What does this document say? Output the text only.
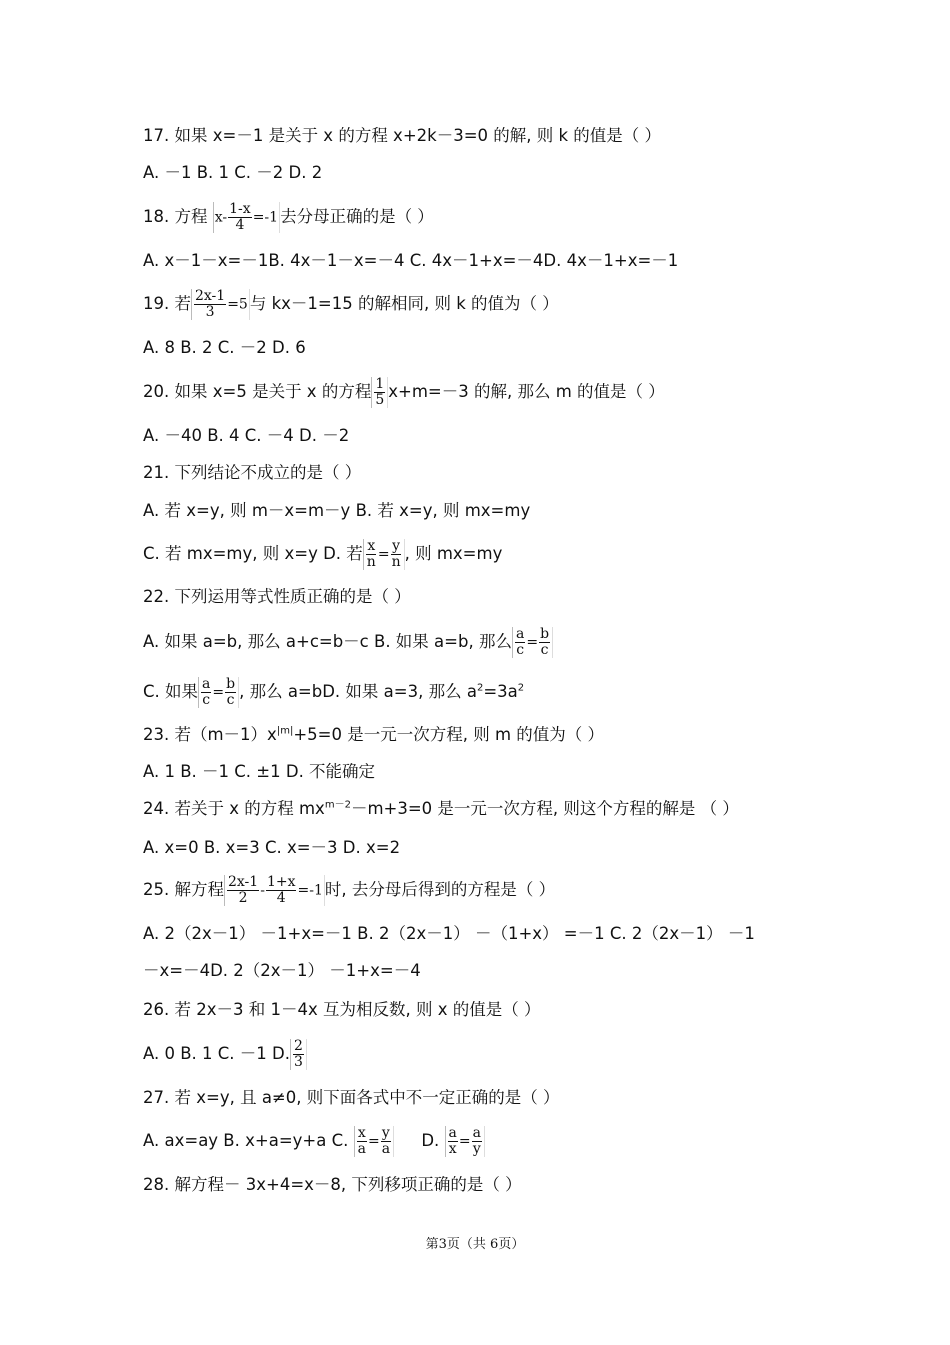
17. 如果 x=－1 是关于 x 的方程 x+2k－3=0 的解, 则 k 的值是（ ）
A. －1 B. 1 C. －2 D. 2
18. 方程 $x- \frac{1-x}{4} =-1$ 去分母正确的是（ ）
A. x－1－x=－1B. 4x－1－x=－4 C. 4x－1+x=－4D. 4x－1+x=－1
19. 若 $\frac{2x-1}{3} =5$ 与 kx－1=15 的解相同, 则 k 的值为（ ）
A. 8 B. 2 C. －2 D. 6
20. 如果 x=5 是关于 x 的方程 $\frac{1}{5} x+m=-3$ 的解, 那么 m 的值是（ ）
A. －40 B. 4 C. －4 D. －2
21. 下列结论不成立的是（ ）
A. 若 x=y, 则 m－x=m－y B. 若 x=y, 则 mx=my
C. 若 mx=my, 则 x=y D. 若 $\frac{x}{n} = \frac{y}{n}$ , 则 mx=my
22. 下列运用等式性质正确的是（ ）
A. 如果 a=b, 那么 a+c=b－c B. 如果 a=b, 那么 $\frac{a}{c} = \frac{b}{c}$
C. 如果 $\frac{a}{c} = \frac{b}{c}$ , 那么 a=bD. 如果 a=3, 那么 $a^2=3a^2$
23. 若$(m-1)x^{|m|}+5=0$ 是一元一次方程, 则 m 的值为（ ）
A. 1 B. －1 C. ±1 D. 不能确定
24. 若关于 x 的方程 $mx^{m-2}-m+3=0$ 是一元一次方程, 则这个方程的解是 （ ）
A. x=0 B. x=3 C. x=－3 D. x=2
25. 解方程 $\frac{2x-1}{2} - \frac{1+x}{4} =-1$ 时, 去分母后得到的方程是（ ）
A. 2（2x－1） －1+x=－1 B. 2（2x－1） －（1+x） =－1 C. 2（2x－1） －1
－x=－4D. 2（2x－1） －1+x=－4
26. 若 2x－3 和 1－4x 互为相反数, 则 x 的值是（ ）
A. 0 B. 1 C. －1 D. $\frac{2}{3}$
27. 若 x=y, 且 a≠0, 则下面各式中不一定正确的是（ ）
A. ax=ay B. x+a=y+a C. $\frac{x}{a} = \frac{y}{a} D$. $\frac{a}{x} = \frac{a}{y}$
28. 解方程－ 3x+4=x－8, 下列移项正确的是（ ）
第3页（共 6页）
